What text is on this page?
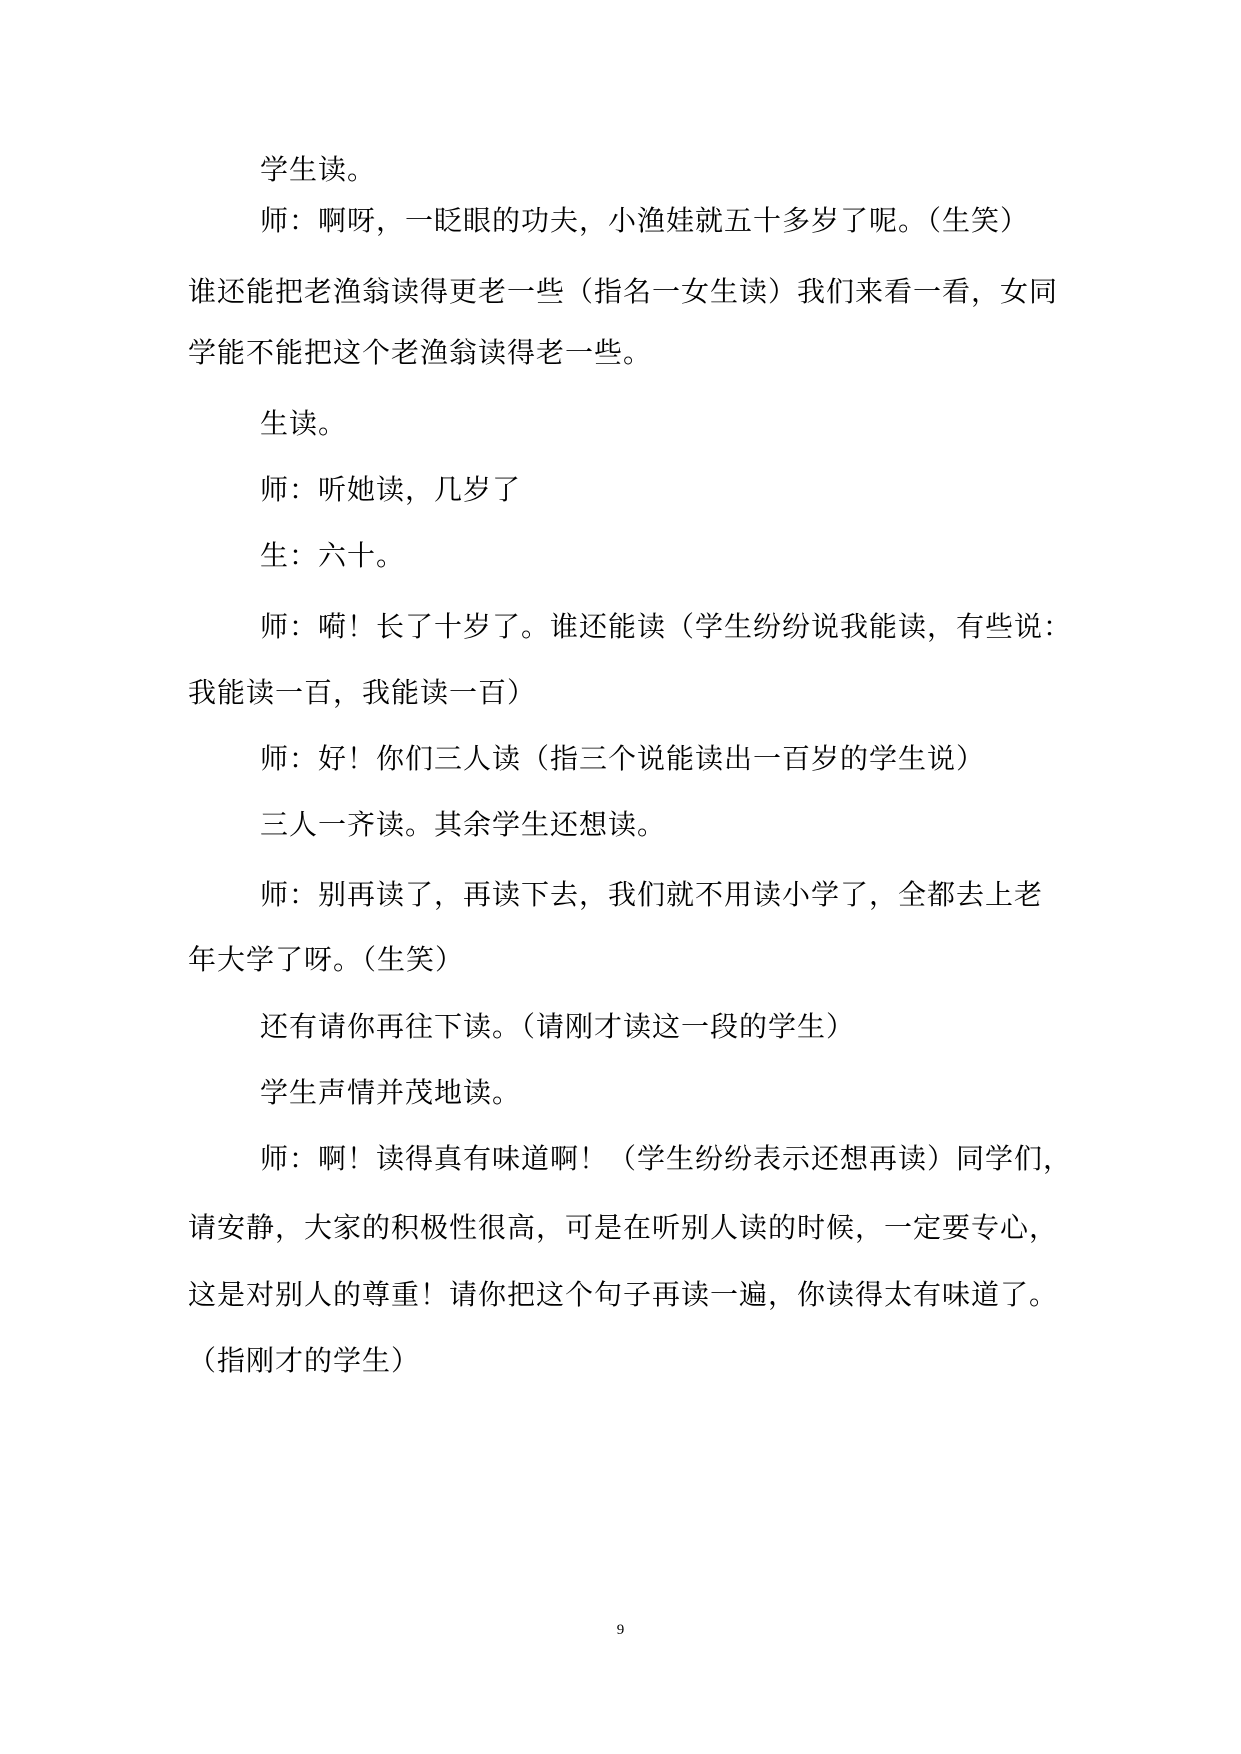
学生读。
师：啊呀，一眨眼的功夫，小渔娃就五十多岁了呢。（生笑）
谁还能把老渔翁读得更老一些（指名一女生读）我们来看一看，女同
学能不能把这个老渔翁读得老一些。
生读。
师：听她读，几岁了
生：六十。
师：嗬！长了十岁了。谁还能读（学生纷纷说我能读，有些说：
我能读一百，我能读一百）
师：好！你们三人读（指三个说能读出一百岁的学生说）
三人一齐读。其余学生还想读。
师：别再读了，再读下去，我们就不用读小学了，全都去上老
年大学了呀。（生笑）
还有请你再往下读。（请刚才读这一段的学生）
学生声情并茂地读。
师：啊！读得真有味道啊！（学生纷纷表示还想再读）同学们，
请安静，大家的积极性很高，可是在听别人读的时候，一定要专心，
这是对别人的尊重！请你把这个句子再读一遍，你读得太有味道了。
（指刚才的学生）
9
